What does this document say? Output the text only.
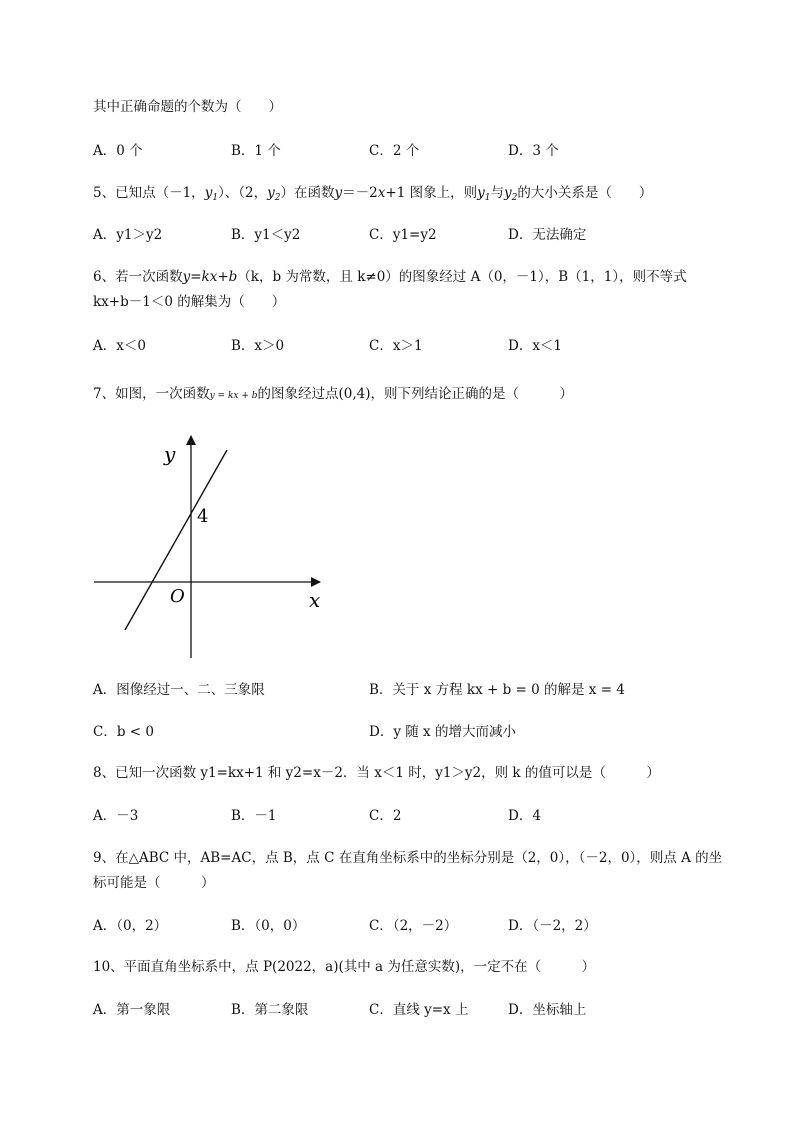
其中正确命题的个数为（　　）
A．0 个	B．1 个	C．2 个	D．3 个
5、已知点（－1，$y_1$）、（2，$y_2$）在函数y＝－2x+1 图象上，则$y_1$与$y_2$的大小关系是（　　）
A．y1＞y2	B．y1＜y2	C．y1=y2	D．无法确定
6、若一次函数y=kx+b（k，b 为常数，且 k≠0）的图象经过 A（0，－1），B（1，1），则不等式
kx+b－1＜0 的解集为（　　）
A．x＜0	B．x＞0	C．x＞1	D．x＜1
7、如图，一次函数y = kx + b的图象经过点(0,4)，则下列结论正确的是（　　　）
y
x
O
4
A．图像经过一、二、三象限	B．关于 x 方程 kx + b = 0 的解是 x = 4
C．b < 0	D．y 随 x 的增大而减小
8、已知一次函数 y1=kx+1 和 y2=x－2．当 x＜1 时，y1＞y2，则 k 的值可以是（　　　）
A．－3	B．－1	C．2	D．4
9、在△ABC 中，AB=AC，点 B，点 C 在直角坐标系中的坐标分别是（2，0），（－2，0），则点 A 的坐
标可能是（　　　）
A．（0，2）	B．（0，0）	C．（2，－2）	D．（－2，2）
10、平面直角坐标系中，点 P(2022，a)(其中 a 为任意实数)，一定不在（　　　）
A．第一象限	B．第二象限	C．直线 y=x 上	D．坐标轴上
